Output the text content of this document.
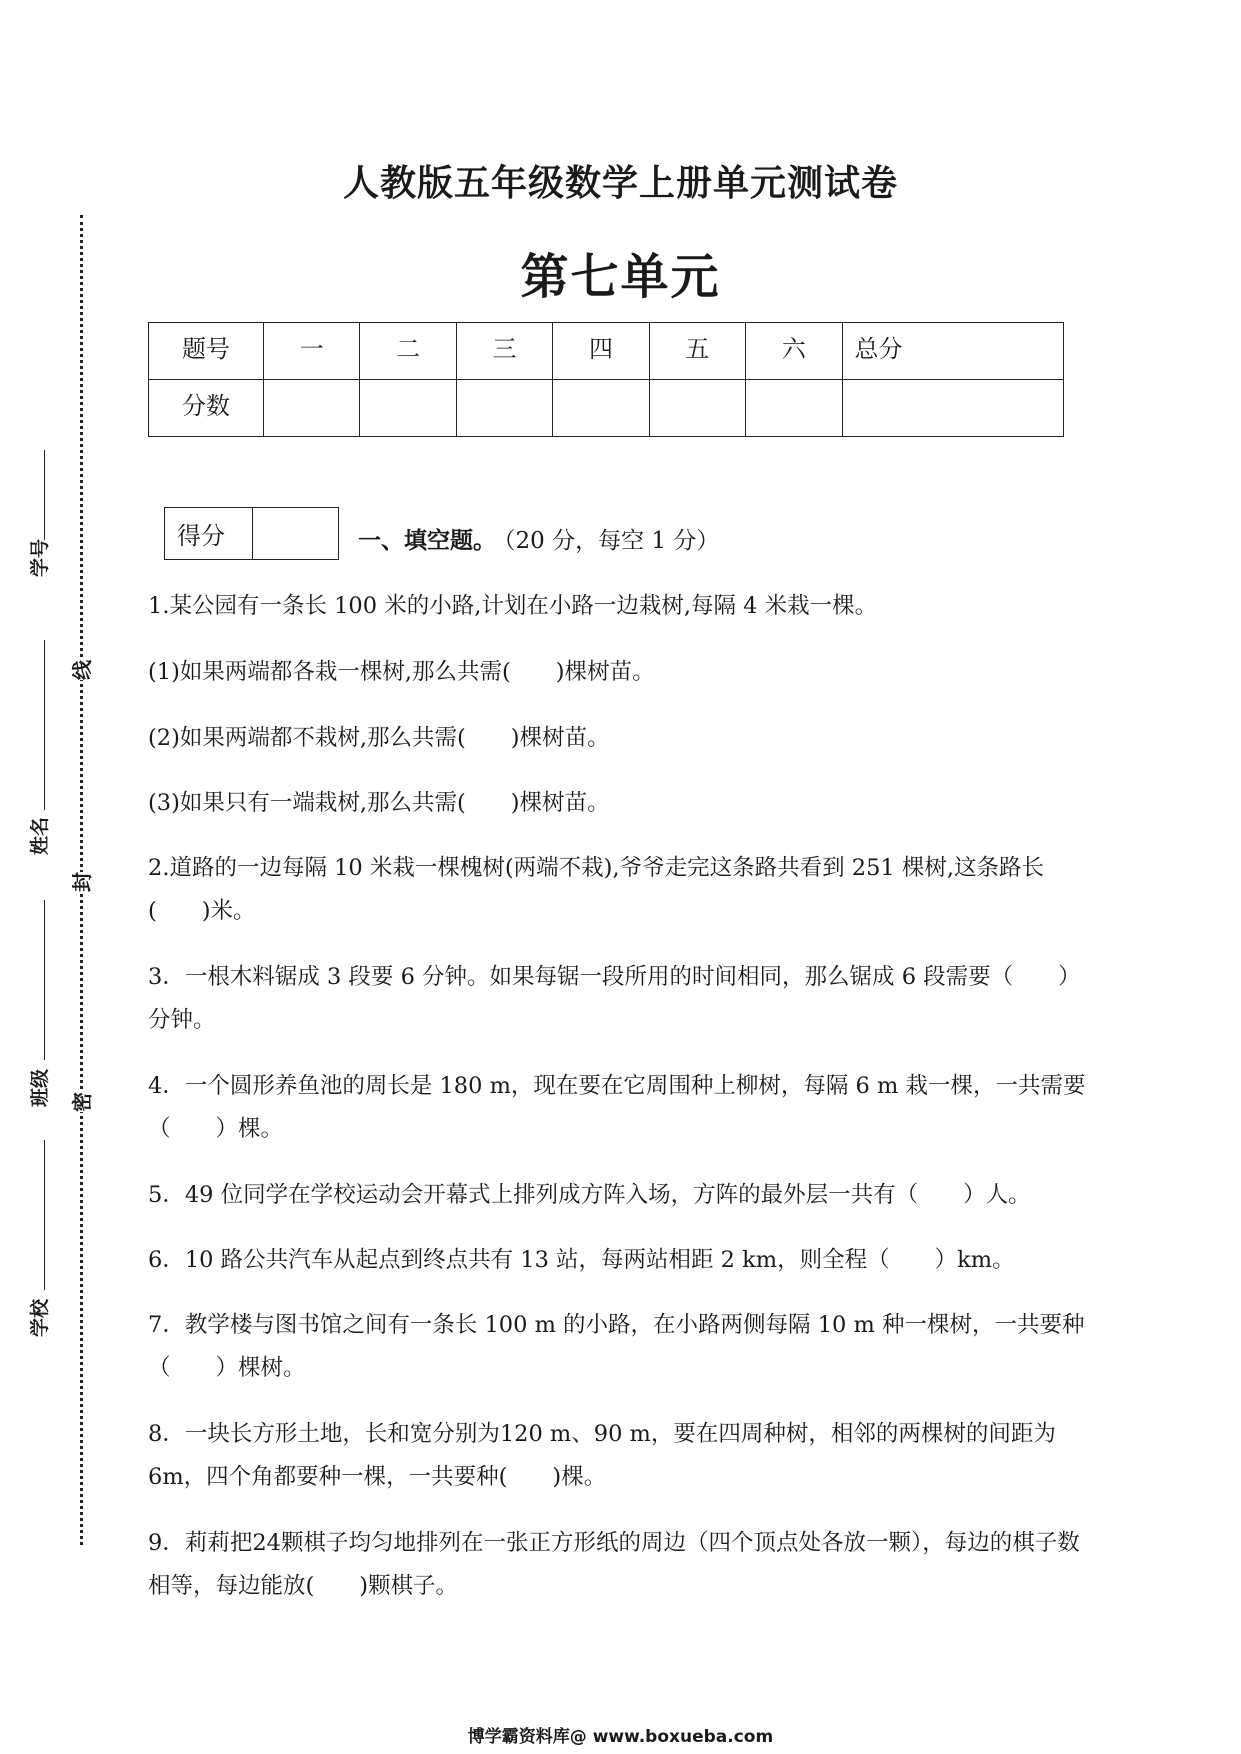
线
封
密
学号
姓名
班级
学校
人教版五年级数学上册单元测试卷
第七单元
题号	一	二	三	四	五	六	总分
分数							
得分		一、填空题。 （20 分，每空 1 分）
1.某公园有一条长 100 米的小路,计划在小路一边栽树,每隔 4 米栽一棵。
(1)如果两端都各栽一棵树,那么共需(　　)棵树苗。
(2)如果两端都不栽树,那么共需(　　)棵树苗。
(3)如果只有一端栽树,那么共需(　　)棵树苗。
2.道路的一边每隔 10 米栽一棵槐树(两端不栽),爷爷走完这条路共看到 251 棵树,这条路长(　　)米。
3．一根木料锯成 3 段要 6 分钟。如果每锯一段所用的时间相同，那么锯成 6 段需要（　　）分钟。
4．一个圆形养鱼池的周长是 180 m，现在要在它周围种上柳树，每隔 6 m 栽一棵，一共需要（　　）棵。
5．49 位同学在学校运动会开幕式上排列成方阵入场，方阵的最外层一共有（　　）人。
6．10 路公共汽车从起点到终点共有 13 站，每两站相距 2 km，则全程（　　）km。
7．教学楼与图书馆之间有一条长 100 m 的小路，在小路两侧每隔 10 m 种一棵树，一共要种（　　）棵树。
8．一块长方形土地，长和宽分别为120 m、90 m，要在四周种树，相邻的两棵树的间距为6m，四个角都要种一棵，一共要种(　　)棵。
9．莉莉把24颗棋子均匀地排列在一张正方形纸的周边（四个顶点处各放一颗），每边的棋子数相等，每边能放(　　)颗棋子。
博学霸资料库@ www.boxueba.com
